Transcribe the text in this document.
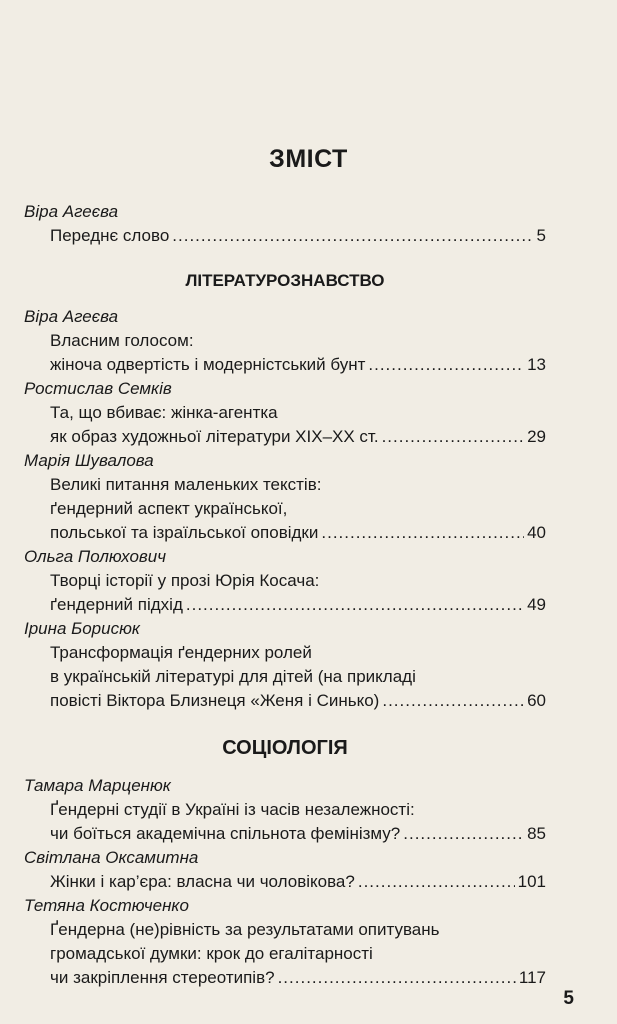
ЗМІСТ
Віра Агеєва
Переднє слово .....	5
ЛІТЕРАТУРОЗНАВСТВО
Віра Агеєва
Власним голосом:
жіноча одвертість і модерністський бунт .....	13
Ростислав Семків
Та, що вбиває: жінка-агентка
як образ художньої літератури XIX–XX ст. .....	29
Марія Шувалова
Великі питання маленьких текстів:
ґендерний аспект української,
польської та ізраїльської оповідки .....	40
Ольга Полюхович
Творці історії у прозі Юрія Косача:
ґендерний підхід .....	49
Ірина Борисюк
Трансформація ґендерних ролей
в українській літературі для дітей (на прикладі
повісті Віктора Близнеця «Женя і Синько) .....	60
СОЦІОЛОГІЯ
Тамара Марценюк
Ґендерні студії в Україні із часів незалежності:
чи боїться академічна спільнота фемінізму? .....	85
Світлана Оксамитна
Жінки і кар’єра: власна чи чоловікова? .....	101
Тетяна Костюченко
Ґендерна (не)рівність за результатами опитувань
громадської думки: крок до егалітарності
чи закріплення стереотипів? .....	117
5
